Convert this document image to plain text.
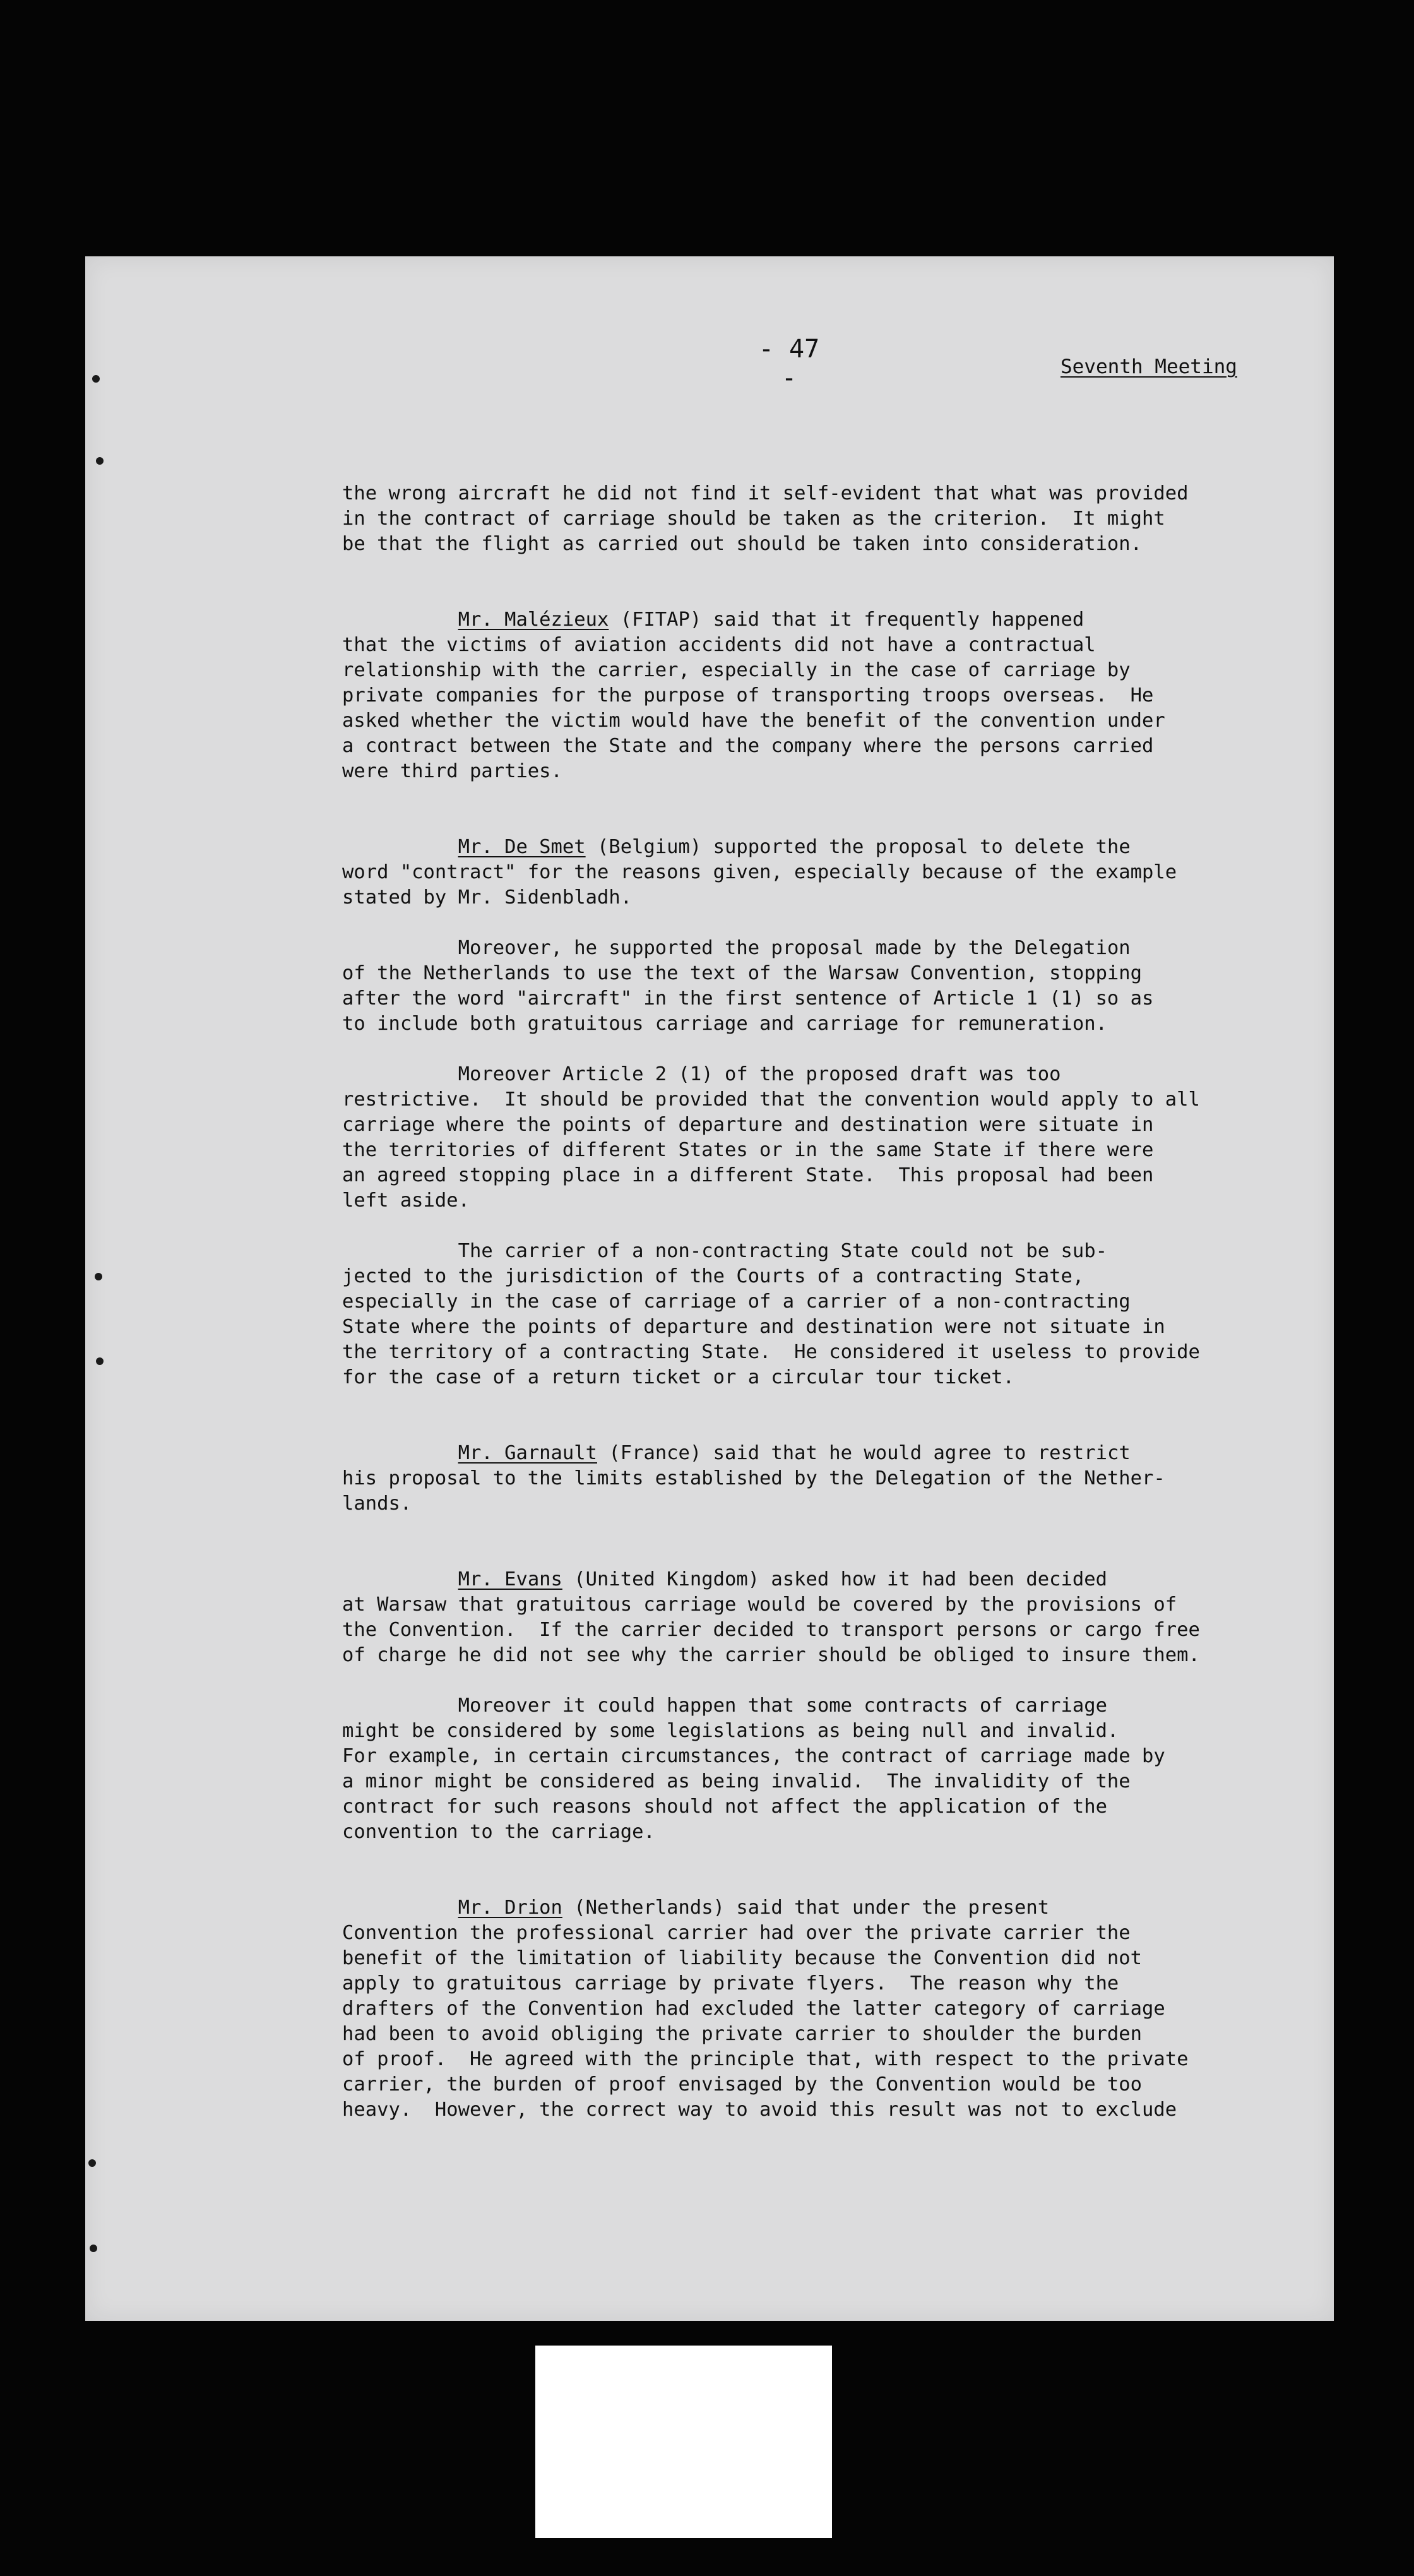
- 47 -	Seventh Meeting

the wrong aircraft he did not find it self-evident that what was provided
in the contract of carriage should be taken as the criterion.  It might
be that the flight as carried out should be taken into consideration.

Mr. Malézieux (FITAP) said that it frequently happened
that the victims of aviation accidents did not have a contractual
relationship with the carrier, especially in the case of carriage by
private companies for the purpose of transporting troops overseas.  He
asked whether the victim would have the benefit of the convention under
a contract between the State and the company where the persons carried
were third parties.

Mr. De Smet (Belgium) supported the proposal to delete the
word "contract" for the reasons given, especially because of the example
stated by Mr. Sidenbladh.

Moreover, he supported the proposal made by the Delegation
of the Netherlands to use the text of the Warsaw Convention, stopping
after the word "aircraft" in the first sentence of Article 1 (1) so as
to include both gratuitous carriage and carriage for remuneration.

Moreover Article 2 (1) of the proposed draft was too
restrictive.  It should be provided that the convention would apply to all
carriage where the points of departure and destination were situate in
the territories of different States or in the same State if there were
an agreed stopping place in a different State.  This proposal had been
left aside.

The carrier of a non-contracting State could not be sub-
jected to the jurisdiction of the Courts of a contracting State,
especially in the case of carriage of a carrier of a non-contracting
State where the points of departure and destination were not situate in
the territory of a contracting State.  He considered it useless to provide
for the case of a return ticket or a circular tour ticket.

Mr. Garnault (France) said that he would agree to restrict
his proposal to the limits established by the Delegation of the Nether-
lands.

Mr. Evans (United Kingdom) asked how it had been decided
at Warsaw that gratuitous carriage would be covered by the provisions of
the Convention.  If the carrier decided to transport persons or cargo free
of charge he did not see why the carrier should be obliged to insure them.

Moreover it could happen that some contracts of carriage
might be considered by some legislations as being null and invalid.
For example, in certain circumstances, the contract of carriage made by
a minor might be considered as being invalid.  The invalidity of the
contract for such reasons should not affect the application of the
convention to the carriage.

Mr. Drion (Netherlands) said that under the present
Convention the professional carrier had over the private carrier the
benefit of the limitation of liability because the Convention did not
apply to gratuitous carriage by private flyers.  The reason why the
drafters of the Convention had excluded the latter category of carriage
had been to avoid obliging the private carrier to shoulder the burden
of proof.  He agreed with the principle that, with respect to the private
carrier, the burden of proof envisaged by the Convention would be too
heavy.  However, the correct way to avoid this result was not to exclude
